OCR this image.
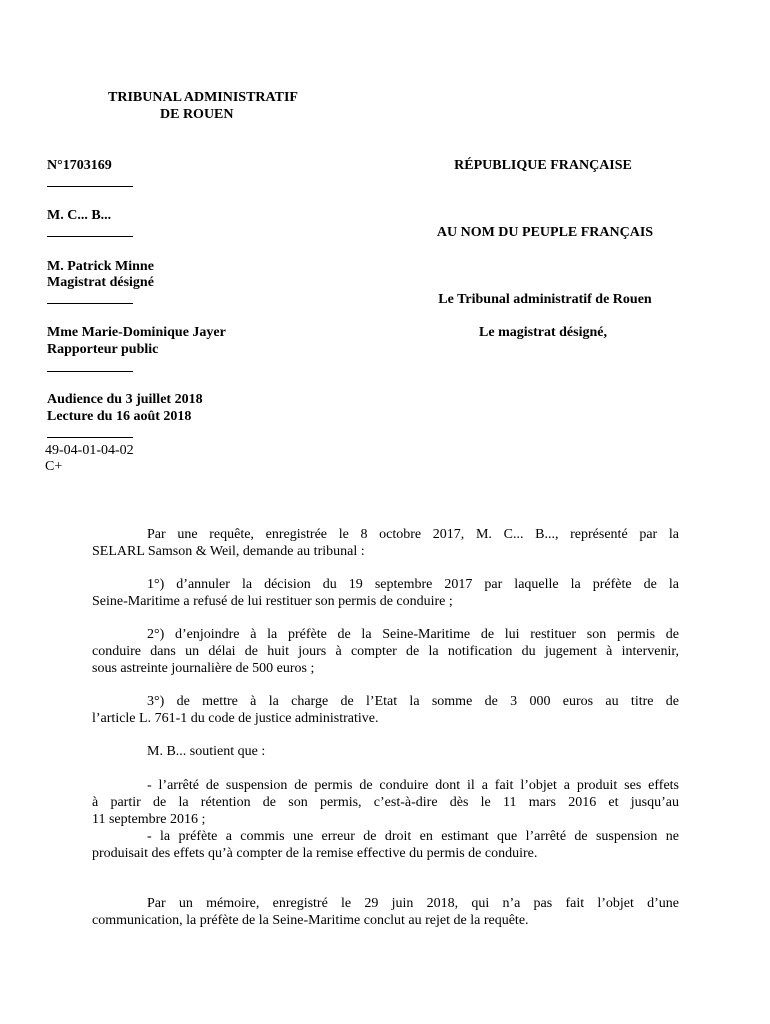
TRIBUNAL ADMINISTRATIF
DE ROUEN
N°1703169
M. C... B...
M. Patrick Minne
Magistrat désigné
Mme Marie-Dominique Jayer
Rapporteur public
Audience du 3 juillet 2018
Lecture du 16 août 2018
49-04-01-04-02
C+
RÉPUBLIQUE FRANÇAISE
AU NOM DU PEUPLE FRANÇAIS
Le Tribunal administratif de Rouen
Le magistrat désigné,
Par une requête, enregistrée le 8 octobre 2017, M. C... B..., représenté par la
SELARL Samson & Weil, demande au tribunal :
1°) d’annuler la décision du 19 septembre 2017 par laquelle la préfète de la
Seine-Maritime a refusé de lui restituer son permis de conduire ;
2°) d’enjoindre à la préfète de la Seine-Maritime de lui restituer son permis de
conduire dans un délai de huit jours à compter de la notification du jugement à intervenir,
sous astreinte journalière de 500 euros ;
3°) de mettre à la charge de l’Etat la somme de 3 000 euros au titre de
l’article L. 761-1 du code de justice administrative.
M. B... soutient que :
- l’arrêté de suspension de permis de conduire dont il a fait l’objet a produit ses effets
à partir de la rétention de son permis, c’est-à-dire dès le 11 mars 2016 et jusqu’au
11 septembre 2016 ;
- la préfète a commis une erreur de droit en estimant que l’arrêté de suspension ne
produisait des effets qu’à compter de la remise effective du permis de conduire.
Par un mémoire, enregistré le 29 juin 2018, qui n’a pas fait l’objet d’une
communication, la préfète de la Seine-Maritime conclut au rejet de la requête.
